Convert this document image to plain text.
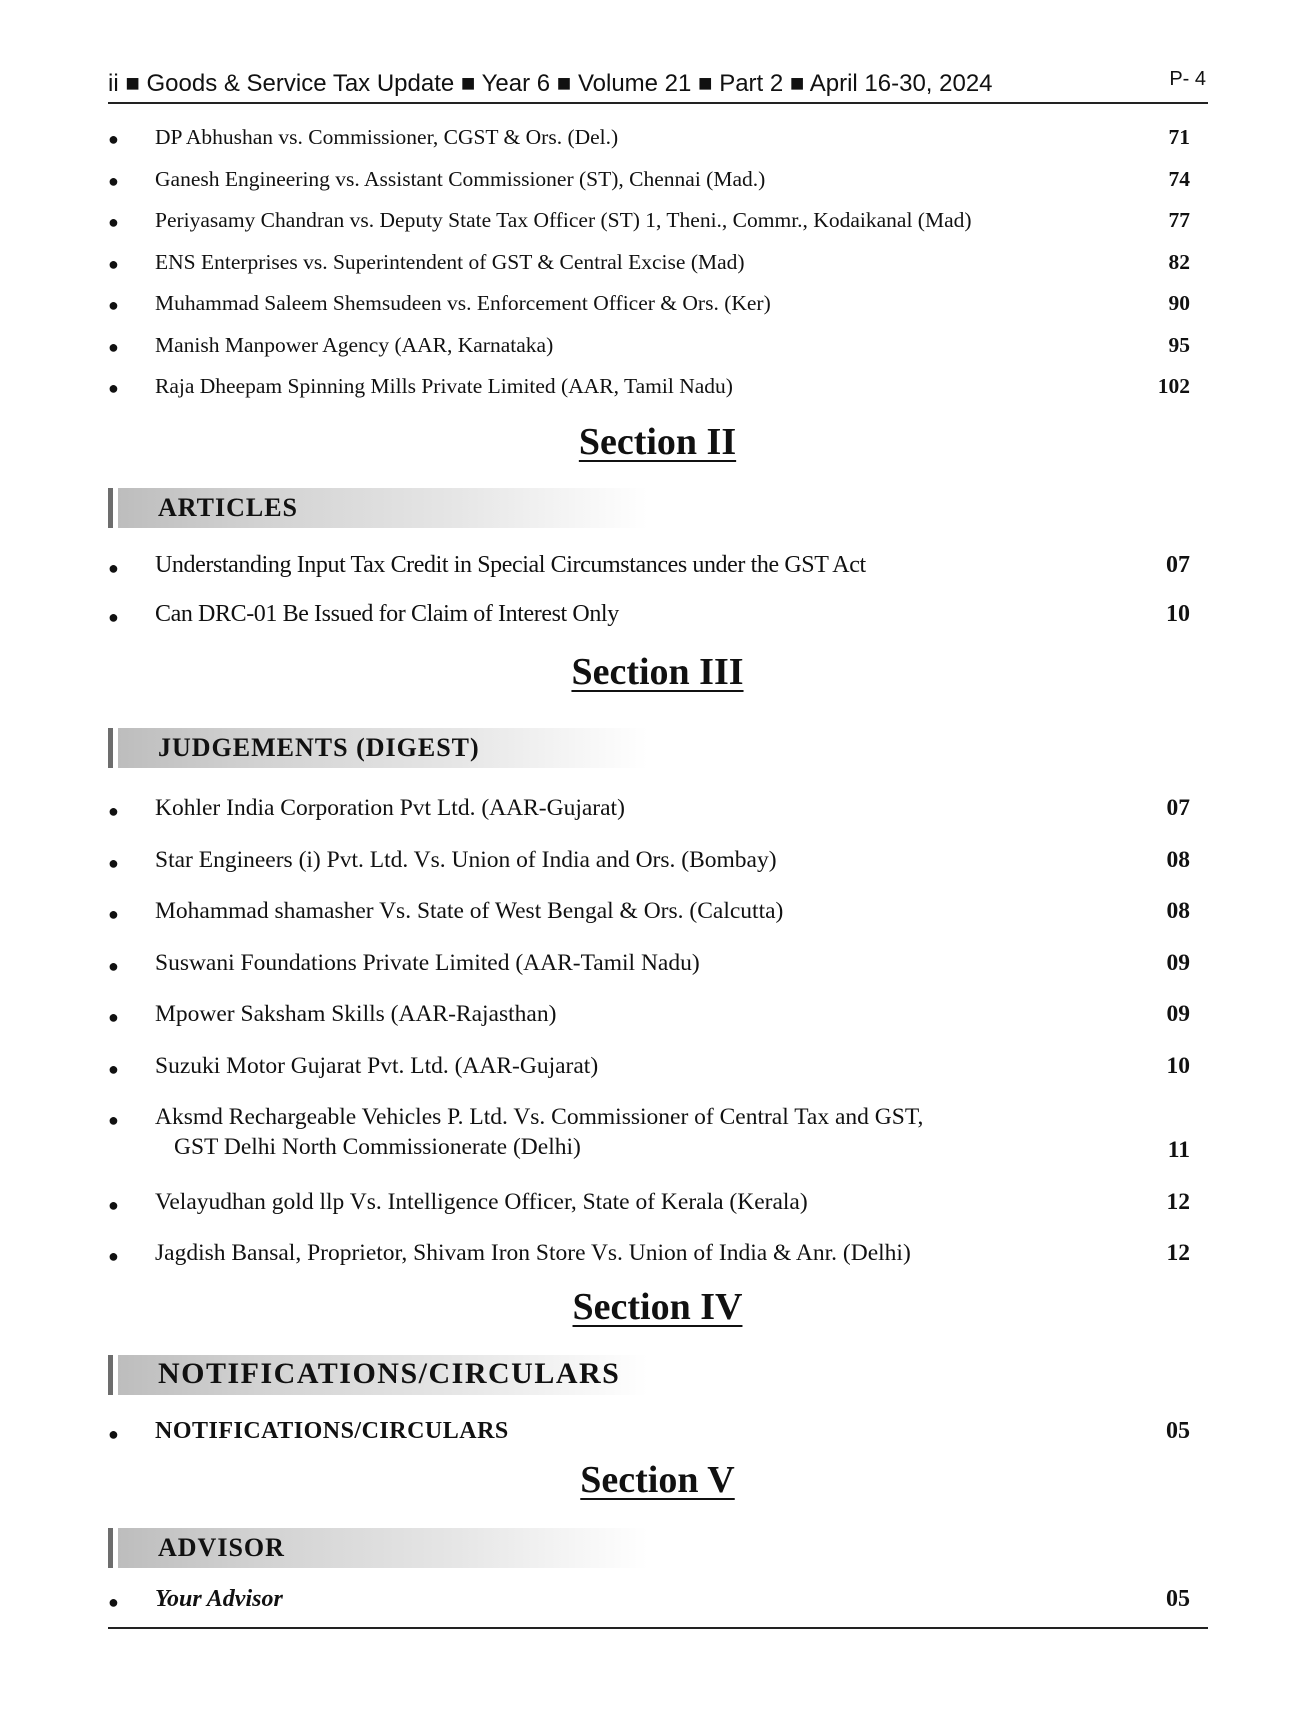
ii ■ Goods & Service Tax Update ■ Year 6 ■ Volume 21 ■ Part 2 ■ April 16-30, 2024	P- 4
● DP Abhushan vs. Commissioner, CGST & Ors. (Del.)	71
● Ganesh Engineering vs. Assistant Commissioner (ST), Chennai (Mad.)	74
● Periyasamy Chandran vs. Deputy State Tax Officer (ST) 1, Theni., Commr., Kodaikanal (Mad)	77
● ENS Enterprises vs. Superintendent of GST & Central Excise (Mad)	82
● Muhammad Saleem Shemsudeen vs. Enforcement Officer & Ors. (Ker)	90
● Manish Manpower Agency (AAR, Karnataka)	95
● Raja Dheepam Spinning Mills Private Limited (AAR, Tamil Nadu)	102
Section II
ARTICLES
● Understanding Input Tax Credit in Special Circumstances under the GST Act	07
● Can DRC-01 Be Issued for Claim of Interest Only	10
Section III
JUDGEMENTS (DIGEST)
● Kohler India Corporation Pvt Ltd. (AAR-Gujarat)	07
● Star Engineers (i) Pvt. Ltd. Vs. Union of India and Ors. (Bombay)	08
● Mohammad shamasher Vs. State of West Bengal & Ors. (Calcutta)	08
● Suswani Foundations Private Limited (AAR-Tamil Nadu)	09
● Mpower Saksham Skills (AAR-Rajasthan)	09
● Suzuki Motor Gujarat Pvt. Ltd. (AAR-Gujarat)	10
● Aksmd Rechargeable Vehicles P. Ltd. Vs. Commissioner of Central Tax and GST,
GST Delhi North Commissionerate (Delhi)	11
● Velayudhan gold llp Vs. Intelligence Officer, State of Kerala (Kerala)	12
● Jagdish Bansal, Proprietor, Shivam Iron Store Vs. Union of India & Anr. (Delhi)	12
Section IV
NOTIFICATIONS/CIRCULARS
● NOTIFICATIONS/CIRCULARS	05
Section V
ADVISOR
● Your Advisor	05
